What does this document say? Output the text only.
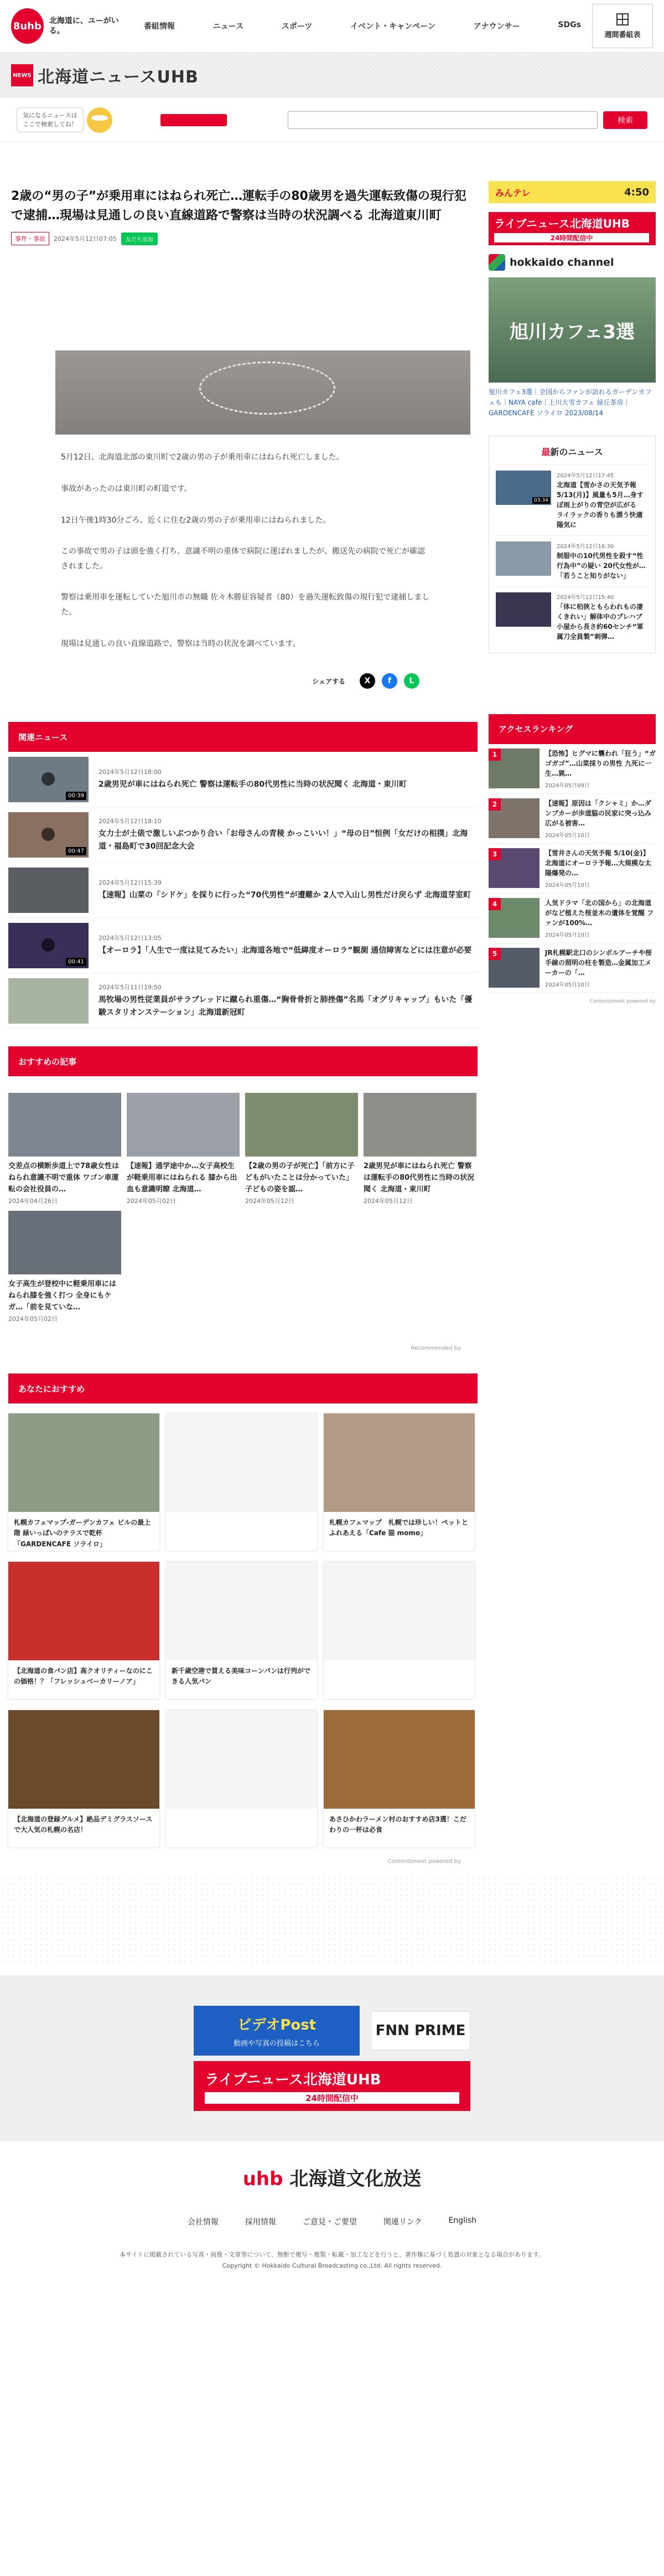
8uhb 北海道に、ユーがいる。	番組情報	ニュース	スポーツ	イベント・キャンペーン	アナウンサー	SDGs
週間番組表
NEWS 北海道ニュースUHB
気になるニュースは
ここで検索してね！	検索
2歳の“男の子”が乗用車にはねられ死亡…運転手の80歳男を過失運転致傷の現行犯で逮捕…現場は見通しの良い直線道路で警察は当時の状況調べる 北海道東川町
事件・事故	2024年5月12日07:05	友だち追加

5月12日、北海道北部の東川町で2歳の男の子が乗用車にはねられ死亡しました。

事故があったのは東川町の町道です。

12日午後1時30分ごろ、近くに住む2歳の男の子が乗用車にはねられました。

この事故で男の子は頭を強く打ち、意識不明の重体で病院に運ばれましたが、搬送先の病院で死亡が確認されました。

警察は乗用車を運転していた旭川市の無職 佐々木勝征容疑者（80）を過失運転致傷の現行犯で逮捕しました。

現場は見通しの良い直線道路で、警察は当時の状況を調べています。

シェアする	X	f	L
関連ニュース
00:39
2024年5月12日18:00
2歳男児が車にはねられ死亡 警察は運転手の80代男性に当時の状況聞く 北海道・東川町
00:47
2024年5月12日18:10
女力士が土俵で激しいぶつかり合い「お母さんの青稜 かっこいい！」“母の日”恒例「女だけの相撲」北海道・福島町で30回記念大会
2024年5月12日15:39
【速報】山菜の「シドケ」を採りに行った“70代男性”が遭難か 2人で入山し男性だけ戻らず 北海道芽室町
00:41
2024年5月12日13:05
【オーロラ】「人生で一度は見てみたい」北海道各地で“低緯度オーロラ”観測 通信障害などには注意が必要
2024年5月11日19:50
馬牧場の男性従業員がサラブレッドに蹴られ重傷…“胸骨骨折と肺挫傷”名馬「オグリキャップ」もいた「優駿スタリオンステーション」北海道新冠町
おすすめの記事
交差点の横断歩道上で78歳女性はねられ意識不明で重体 ワゴン車運転の会社役員の…
2024年04月26日
【速報】通学途中か…女子高校生が軽乗用車にはねられる 膝から出血も意識明瞭 北海道…
2024年05月02日
【2歳の男の子が死亡】「前方に子どもがいたことは分かっていた」子どもの姿を認…
2024年05月12日
2歳男児が車にはねられ死亡 警察は運転手の80代男性に当時の状況聞く 北海道・東川町
2024年05月12日
女子高生が登校中に軽乗用車にはねられ膝を強く打つ 全身にもケガ…「前を見ていな…
2024年05月02日
Recommended by
あなたにおすすめ
札幌カフェマップ-ガーデンカフェ ビルの最上階 緑いっぱいのテラスで乾杯「GARDENCAFE ソライロ」
札幌カフェマップ　札幌では珍しい！ペットとふれあえる「Cafe 猫 momo」
【北海道の食パン店】高クオリティーなのにこの価格！？「フレッシュベーカリーノア」
新千歳空港で買える美味コーンパンは行列ができる人気パン
【北海道の登録グルメ】絶品デミグラスソースで大人気の札幌の名店！
あさひかわラーメン村のおすすめ店3選！こだわりの一杯は必食
Contentsmeet powered by
みんテレ	4:50
ライブニュース北海道UHB
24時間配信中
hokkaido channel
旭川カフェ3選
旭川カフェ3選｜全国からファンが訪れるガーデンカフェも｜NAYA cafe｜上川大雪カフェ 緑丘茶房｜GARDENCAFE ソライロ 2023/08/14
最新のニュース
03:34
2024年5月12日17:45
北海道【雪かさの天気予報 5/13(月)】風量も5月…身すぼ雨上がりの青空が広がる　ライラックの香りも漂う快適陽気に
2024年5月12日16:30
制服中の10代男性を殺す“性行為中”の疑い 20代女性が…「若うこと知りがない」
2024年5月12日15:40
「体に柏狭ともらわれもの凄くきれい」解体中のプレハブ小屋から長さ約60センチ“軍属刀全員製”刺弾…
アクセスランキング
1	【恐怖】ヒグマに襲われ「狂う」“ガゴガゴ”…山菜採りの男性 九死に一生…猟…
2024年05月09日
2	【速報】原因は「クシャミ」か…ダンプカーが歩道脇の民家に突っ込み 広がる被害…
2024年05月10日
3	【雪井さんの天気予報 5/10(金)】北海道にオーロラ予報…大規模な太陽爆発の…
2024年05月10日
4	人気ドラマ「北の国から」の北海道がなど植えた桜並木の遺体を覚醒 ファンが100%…
2024年05月10日
5	JR札幌駅北口のシンボルアーチや桜手線の照明の柱を製造…金属加工メーカーの「…
2024年05月10日
Contentsmeet powered by
ビデオPost
動画や写真の投稿はこちら
FNN PRIME
ライブニュース北海道UHB
24時間配信中
uhb 北海道文化放送
会社情報	採用情報	ご意見・ご要望	関連リンク	English
本サイトに掲載されている写真・画像・文章等について、無断で複写・複製・転載・加工などを行うと、著作権に基づく処置の対象となる場合があります。
Copyright © Hokkaido Cultural Broadcasting co.,Ltd. All rights reserved.
